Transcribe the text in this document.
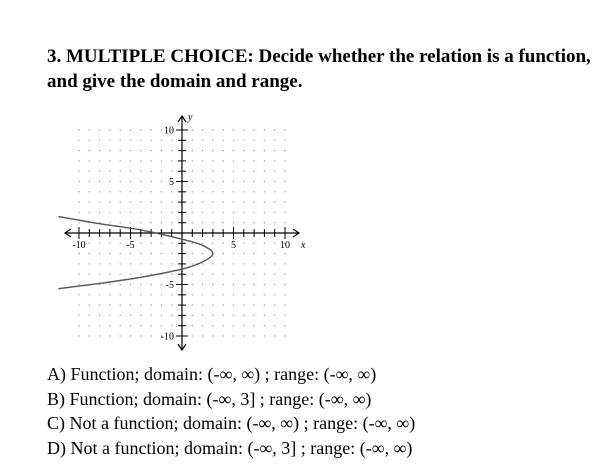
3. MULTIPLE CHOICE: Decide whether the relation is a function, and give the domain and range.

-10	-5	5	10
10
5
-5
-10
x
y
A) Function; domain: (-∞, ∞) ; range: (-∞, ∞)
B) Function; domain: (-∞, 3] ; range: (-∞, ∞)
C) Not a function; domain: (-∞, ∞) ; range: (-∞, ∞)
D) Not a function; domain: (-∞, 3] ; range: (-∞, ∞)
